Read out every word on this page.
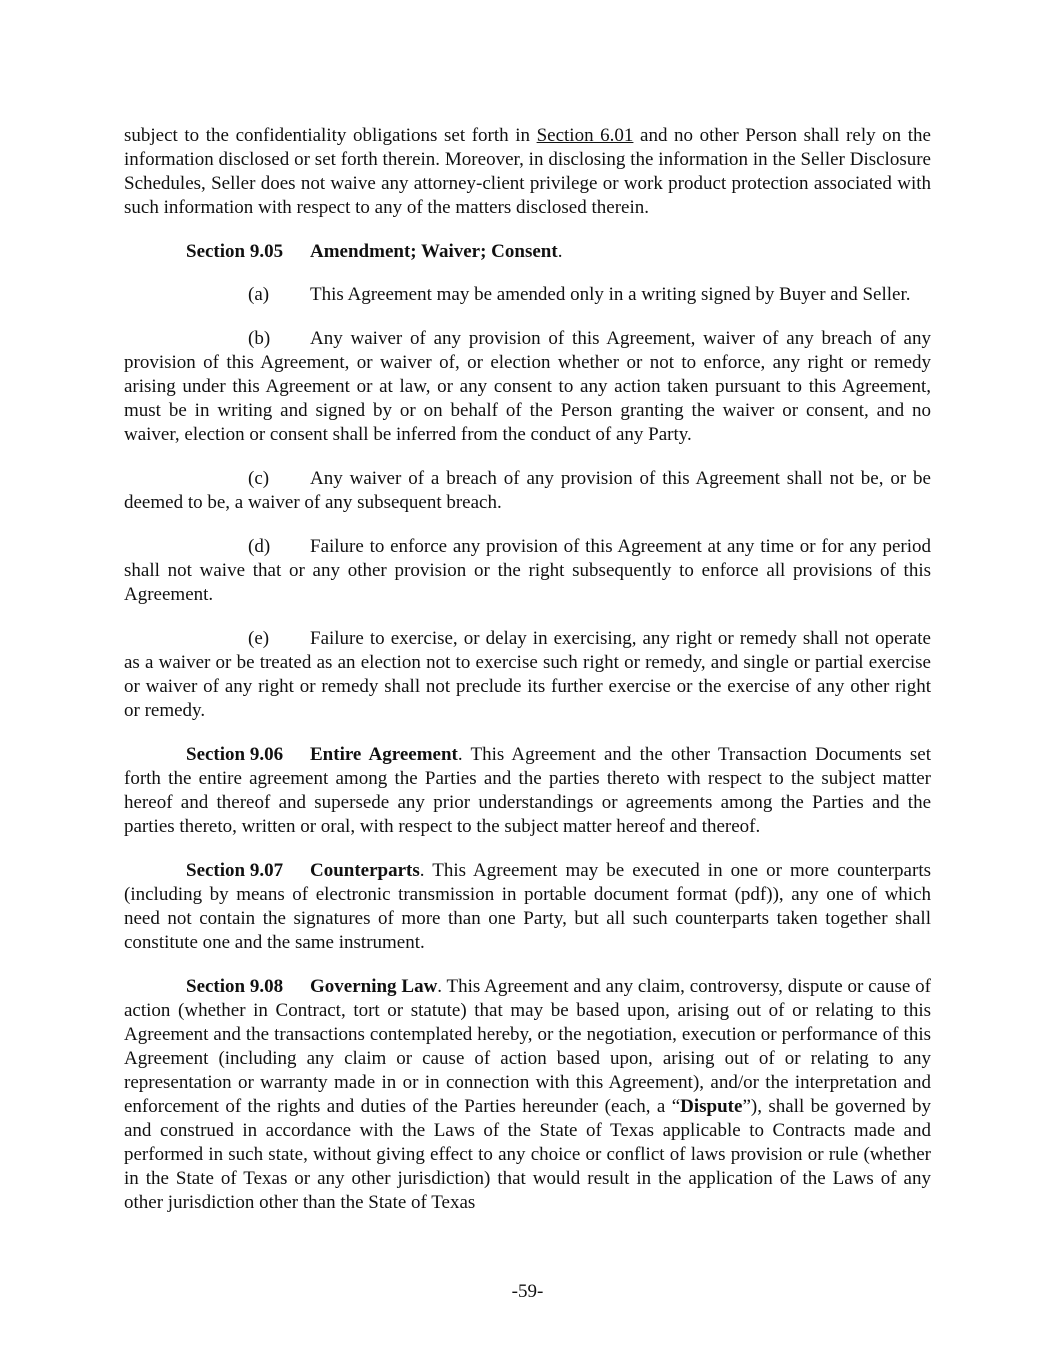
subject to the confidentiality obligations set forth in Section 6.01 and no other Person shall rely on the information disclosed or set forth therein. Moreover, in disclosing the information in the Seller Disclosure Schedules, Seller does not waive any attorney-client privilege or work product protection associated with such information with respect to any of the matters disclosed therein.

Section 9.05 Amendment; Waiver; Consent.

(a) This Agreement may be amended only in a writing signed by Buyer and Seller.

(b) Any waiver of any provision of this Agreement, waiver of any breach of any provision of this Agreement, or waiver of, or election whether or not to enforce, any right or remedy arising under this Agreement or at law, or any consent to any action taken pursuant to this Agreement, must be in writing and signed by or on behalf of the Person granting the waiver or consent, and no waiver, election or consent shall be inferred from the conduct of any Party.

(c) Any waiver of a breach of any provision of this Agreement shall not be, or be deemed to be, a waiver of any subsequent breach.

(d) Failure to enforce any provision of this Agreement at any time or for any period shall not waive that or any other provision or the right subsequently to enforce all provisions of this Agreement.

(e) Failure to exercise, or delay in exercising, any right or remedy shall not operate as a waiver or be treated as an election not to exercise such right or remedy, and single or partial exercise or waiver of any right or remedy shall not preclude its further exercise or the exercise of any other right or remedy.

Section 9.06 Entire Agreement. This Agreement and the other Transaction Documents set forth the entire agreement among the Parties and the parties thereto with respect to the subject matter hereof and thereof and supersede any prior understandings or agreements among the Parties and the parties thereto, written or oral, with respect to the subject matter hereof and thereof.

Section 9.07 Counterparts. This Agreement may be executed in one or more counterparts (including by means of electronic transmission in portable document format (pdf)), any one of which need not contain the signatures of more than one Party, but all such counterparts taken together shall constitute one and the same instrument.

Section 9.08 Governing Law. This Agreement and any claim, controversy, dispute or cause of action (whether in Contract, tort or statute) that may be based upon, arising out of or relating to this Agreement and the transactions contemplated hereby, or the negotiation, execution or performance of this Agreement (including any claim or cause of action based upon, arising out of or relating to any representation or warranty made in or in connection with this Agreement), and/or the interpretation and enforcement of the rights and duties of the Parties hereunder (each, a “Dispute”), shall be governed by and construed in accordance with the Laws of the State of Texas applicable to Contracts made and performed in such state, without giving effect to any choice or conflict of laws provision or rule (whether in the State of Texas or any other jurisdiction) that would result in the application of the Laws of any other jurisdiction other than the State of Texas

-59-
